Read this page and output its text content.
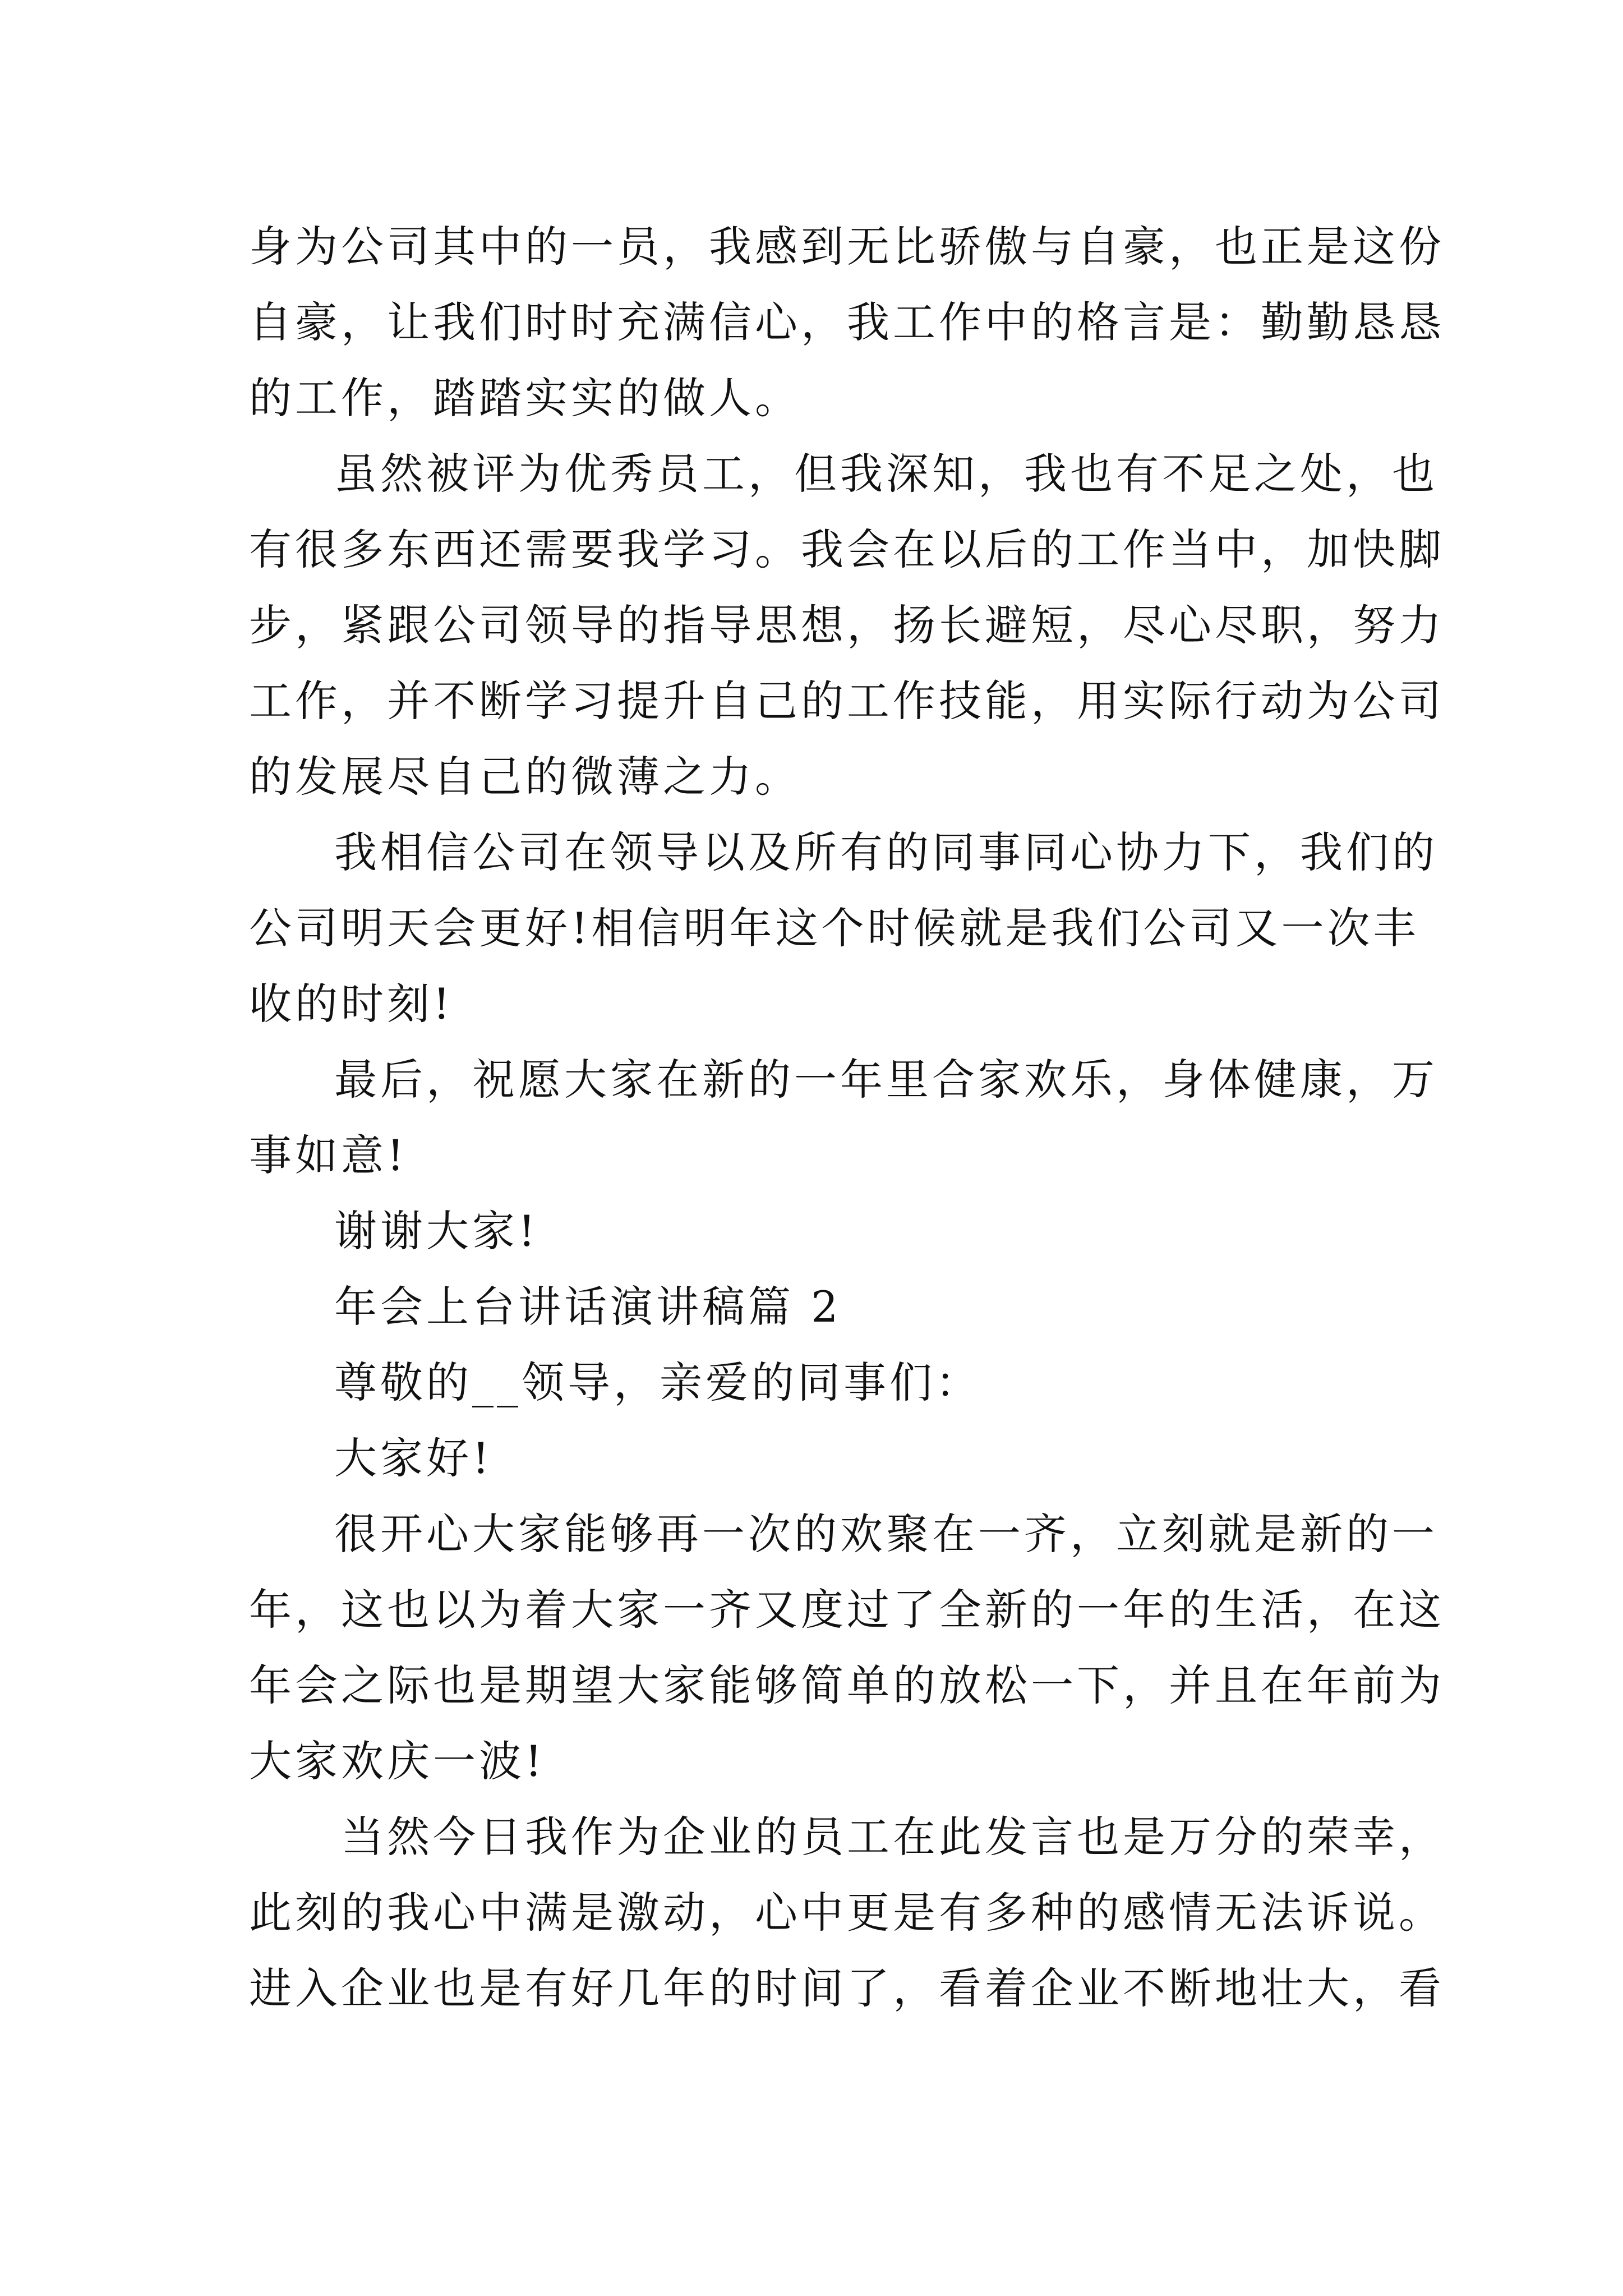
身为公司其中的一员，我感到无比骄傲与自豪，也正是这份
自豪，让我们时时充满信心，我工作中的格言是：勤勤恳恳
的工作，踏踏实实的做人。

虽然被评为优秀员工，但我深知，我也有不足之处，也
有很多东西还需要我学习。我会在以后的工作当中，加快脚
步，紧跟公司领导的指导思想，扬长避短，尽心尽职，努力
工作，并不断学习提升自己的工作技能，用实际行动为公司
的发展尽自己的微薄之力。

我相信公司在领导以及所有的同事同心协力下，我们的
公司明天会更好!相信明年这个时候就是我们公司又一次丰
收的时刻!

最后，祝愿大家在新的一年里合家欢乐，身体健康，万
事如意!

谢谢大家!

年会上台讲话演讲稿篇 2

尊敬的__领导，亲爱的同事们：

大家好!

很开心大家能够再一次的欢聚在一齐，立刻就是新的一
年，这也以为着大家一齐又度过了全新的一年的生活，在这
年会之际也是期望大家能够简单的放松一下，并且在年前为
大家欢庆一波!

当然今日我作为企业的员工在此发言也是万分的荣幸，
此刻的我心中满是激动，心中更是有多种的感情无法诉说。
进入企业也是有好几年的时间了，看着企业不断地壮大，看
